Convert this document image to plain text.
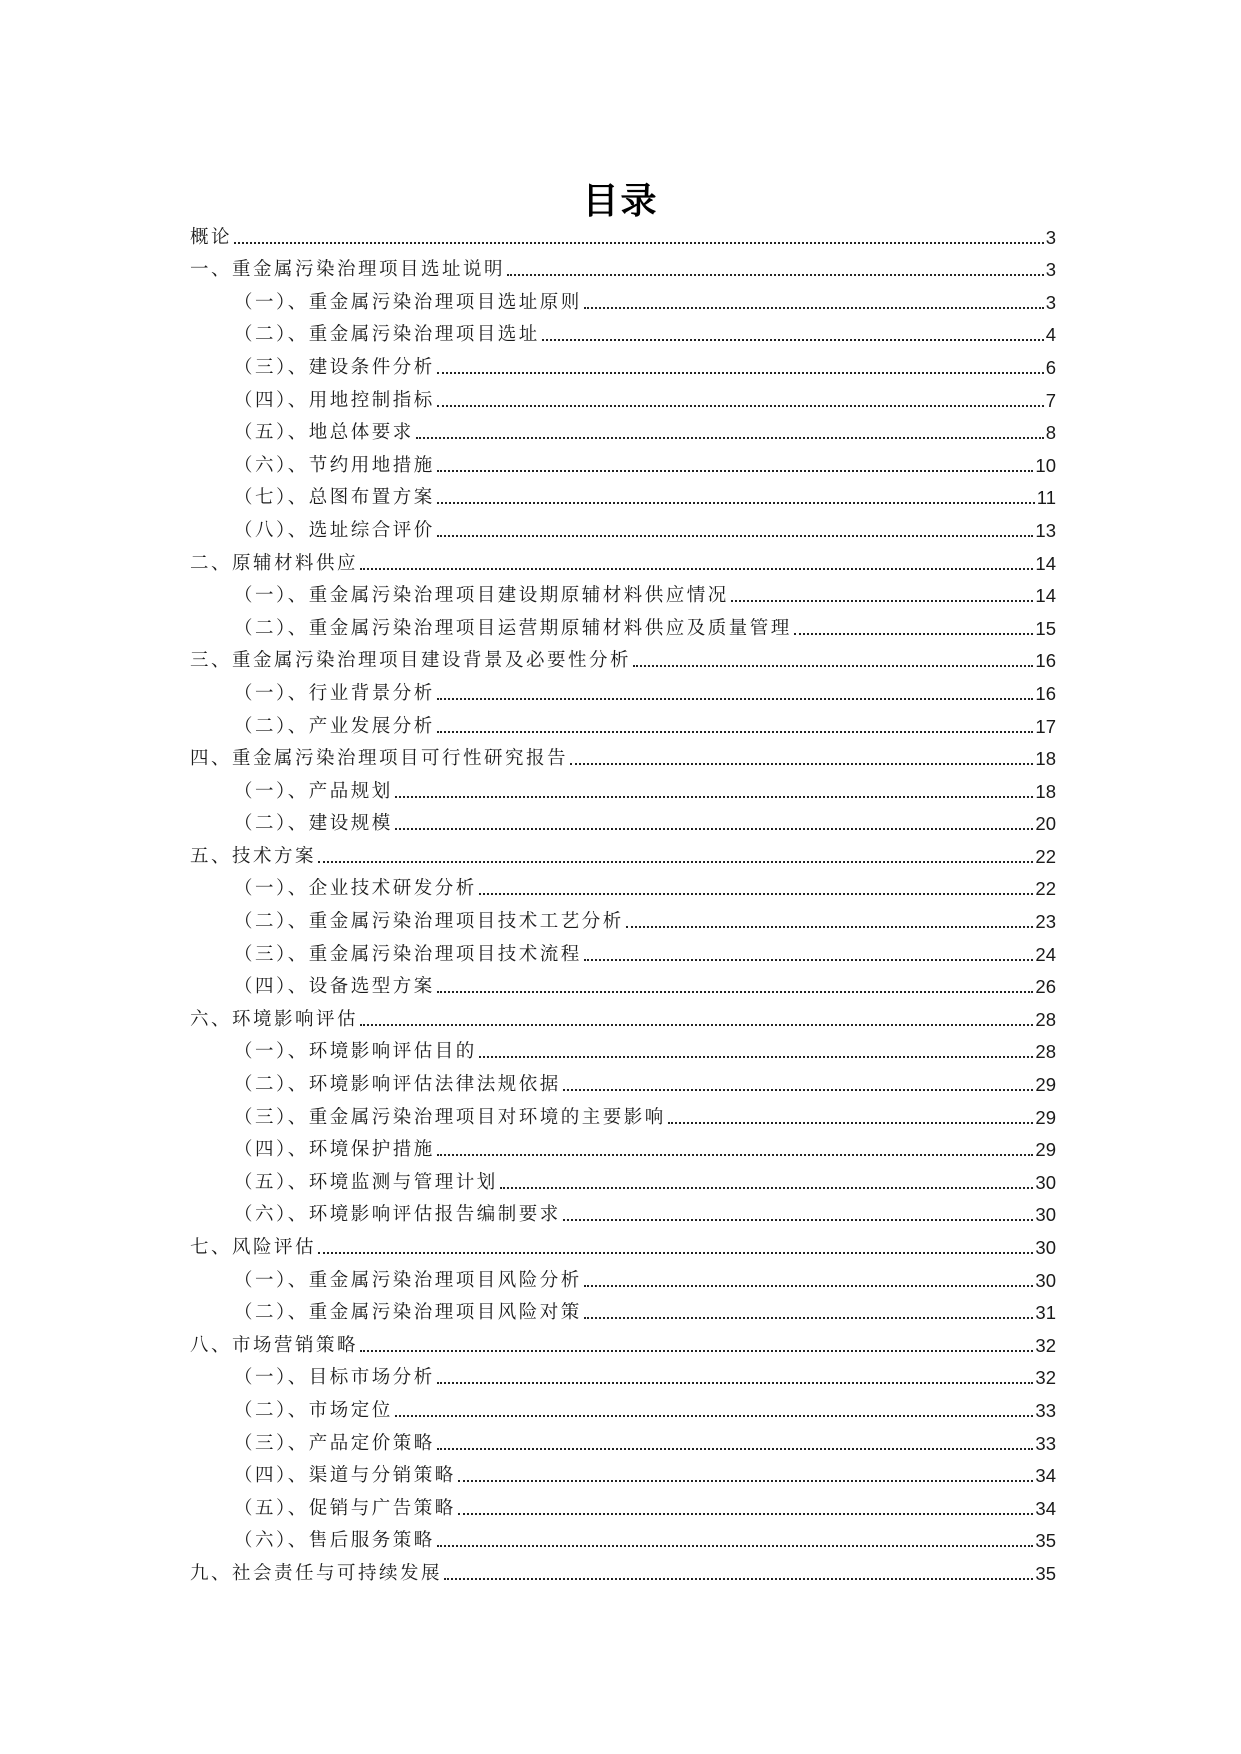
目录
概论	3
一、重金属污染治理项目选址说明	3
（一）、重金属污染治理项目选址原则	3
（二）、重金属污染治理项目选址	4
（三）、建设条件分析	6
（四）、用地控制指标	7
（五）、地总体要求	8
（六）、节约用地措施	10
（七）、总图布置方案	11
（八）、选址综合评价	13
二、原辅材料供应	14
（一）、重金属污染治理项目建设期原辅材料供应情况	14
（二）、重金属污染治理项目运营期原辅材料供应及质量管理	15
三、重金属污染治理项目建设背景及必要性分析	16
（一）、行业背景分析	16
（二）、产业发展分析	17
四、重金属污染治理项目可行性研究报告	18
（一）、产品规划	18
（二）、建设规模	20
五、技术方案	22
（一）、企业技术研发分析	22
（二）、重金属污染治理项目技术工艺分析	23
（三）、重金属污染治理项目技术流程	24
（四）、设备选型方案	26
六、环境影响评估	28
（一）、环境影响评估目的	28
（二）、环境影响评估法律法规依据	29
（三）、重金属污染治理项目对环境的主要影响	29
（四）、环境保护措施	29
（五）、环境监测与管理计划	30
（六）、环境影响评估报告编制要求	30
七、风险评估	30
（一）、重金属污染治理项目风险分析	30
（二）、重金属污染治理项目风险对策	31
八、市场营销策略	32
（一）、目标市场分析	32
（二）、市场定位	33
（三）、产品定价策略	33
（四）、渠道与分销策略	34
（五）、促销与广告策略	34
（六）、售后服务策略	35
九、社会责任与可持续发展	35
